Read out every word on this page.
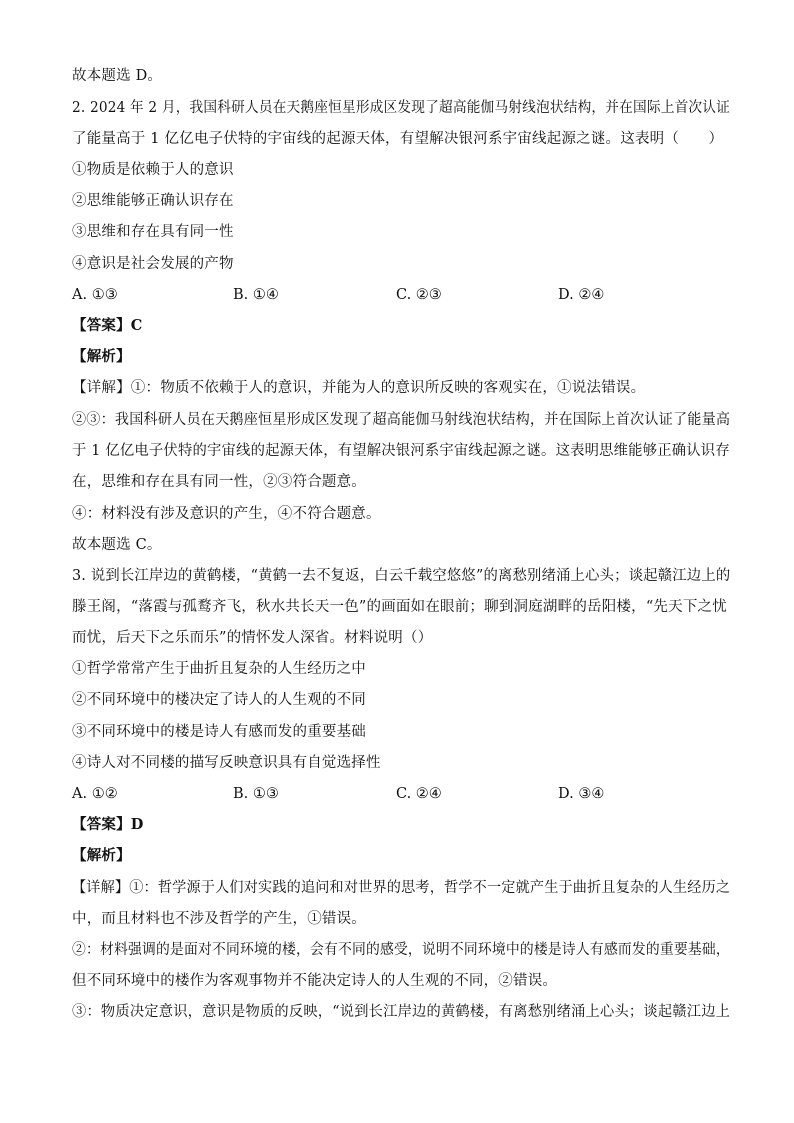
故本题选 D。
2. 2024 年 2 月，我国科研人员在天鹅座恒星形成区发现了超高能伽马射线泡状结构，并在国际上首次认证
了能量高于 1 亿亿电子伏特的宇宙线的起源天体，有望解决银河系宇宙线起源之谜。这表明（　　）
①物质是依赖于人的意识
②思维能够正确认识存在
③思维和存在具有同一性
④意识是社会发展的产物
A. ①③	B. ①④	C. ②③	D. ②④
【答案】C
【解析】
【详解】①：物质不依赖于人的意识，并能为人的意识所反映的客观实在，①说法错误。
②③：我国科研人员在天鹅座恒星形成区发现了超高能伽马射线泡状结构，并在国际上首次认证了能量高
于 1 亿亿电子伏特的宇宙线的起源天体，有望解决银河系宇宙线起源之谜。这表明思维能够正确认识存
在，思维和存在具有同一性，②③符合题意。
④：材料没有涉及意识的产生，④不符合题意。
故本题选 C。
3. 说到长江岸边的黄鹤楼，“黄鹤一去不复返，白云千载空悠悠”的离愁别绪涌上心头；谈起赣江边上的
滕王阁，“落霞与孤鹜齐飞，秋水共长天一色”的画面如在眼前；聊到洞庭湖畔的岳阳楼，“先天下之忧
而忧，后天下之乐而乐”的情怀发人深省。材料说明（）
①哲学常常产生于曲折且复杂的人生经历之中
②不同环境中的楼决定了诗人的人生观的不同
③不同环境中的楼是诗人有感而发的重要基础
④诗人对不同楼的描写反映意识具有自觉选择性
A. ①②	B. ①③	C. ②④	D. ③④
【答案】D
【解析】
【详解】①：哲学源于人们对实践的追问和对世界的思考，哲学不一定就产生于曲折且复杂的人生经历之
中，而且材料也不涉及哲学的产生，①错误。
②：材料强调的是面对不同环境的楼，会有不同的感受，说明不同环境中的楼是诗人有感而发的重要基础，
但不同环境中的楼作为客观事物并不能决定诗人的人生观的不同，②错误。
③：物质决定意识，意识是物质的反映，“说到长江岸边的黄鹤楼，有离愁别绪涌上心头；谈起赣江边上
